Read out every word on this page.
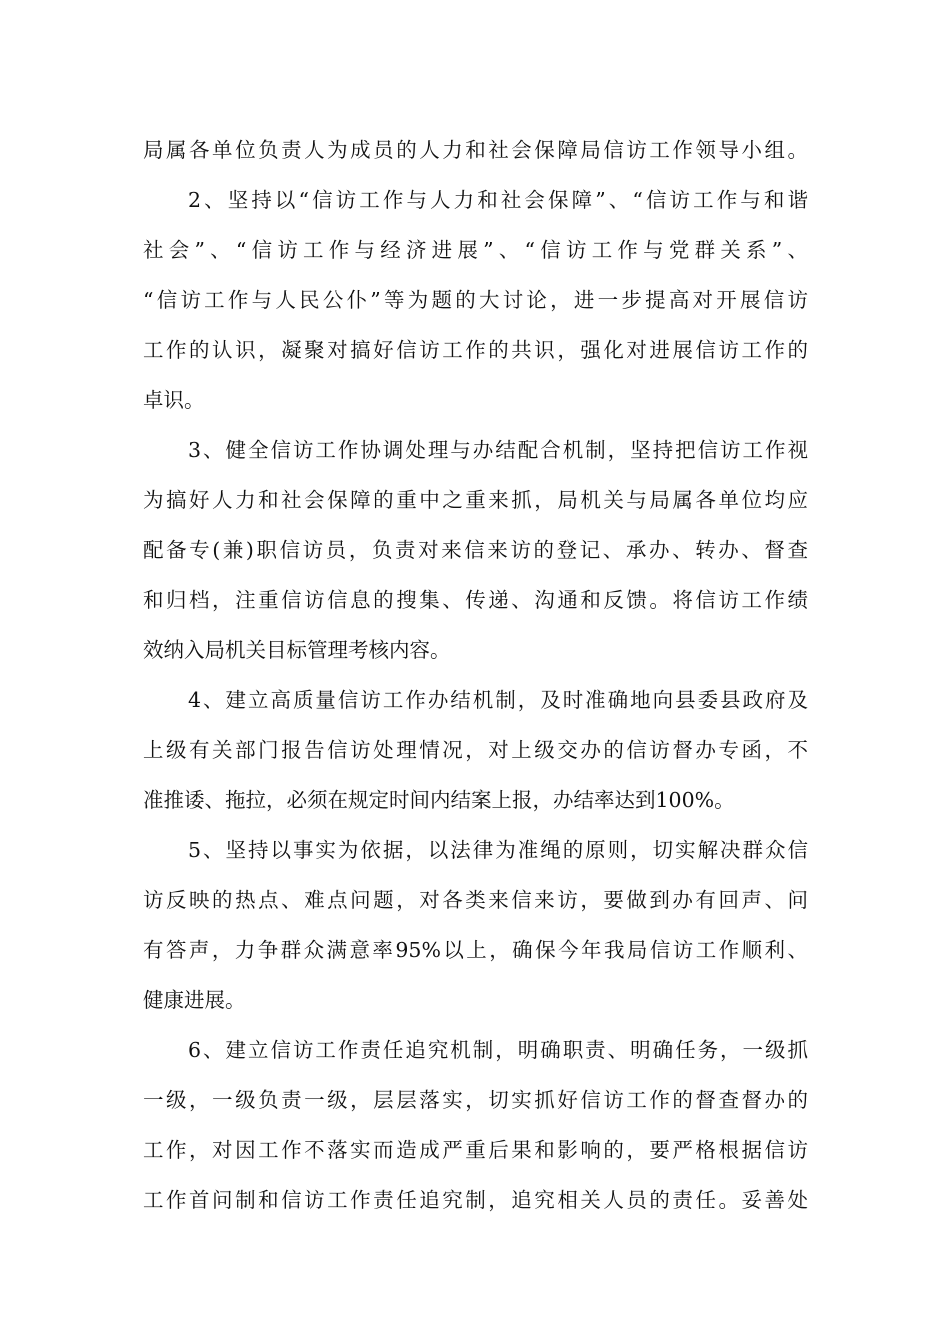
局属各单位负责人为成员的人力和社会保障局信访工作领导小组。
2、坚持以“信访工作与人力和社会保障”、“信访工作与和谐
社会”、“信访工作与经济进展”、“信访工作与党群关系”、
“信访工作与人民公仆”等为题的大讨论，进一步提高对开展信访
工作的认识，凝聚对搞好信访工作的共识，强化对进展信访工作的
卓识。
3、健全信访工作协调处理与办结配合机制，坚持把信访工作视
为搞好人力和社会保障的重中之重来抓，局机关与局属各单位均应
配备专(兼)职信访员，负责对来信来访的登记、承办、转办、督查
和归档，注重信访信息的搜集、传递、沟通和反馈。将信访工作绩
效纳入局机关目标管理考核内容。
4、建立高质量信访工作办结机制，及时准确地向县委县政府及
上级有关部门报告信访处理情况，对上级交办的信访督办专函，不
准推诿、拖拉，必须在规定时间内结案上报，办结率达到100%。
5、坚持以事实为依据，以法律为准绳的原则，切实解决群众信
访反映的热点、难点问题，对各类来信来访，要做到办有回声、问
有答声，力争群众满意率95%以上，确保今年我局信访工作顺利、
健康进展。
6、建立信访工作责任追究机制，明确职责、明确任务，一级抓
一级，一级负责一级，层层落实，切实抓好信访工作的督查督办的
工作，对因工作不落实而造成严重后果和影响的，要严格根据信访
工作首问制和信访工作责任追究制，追究相关人员的责任。妥善处
